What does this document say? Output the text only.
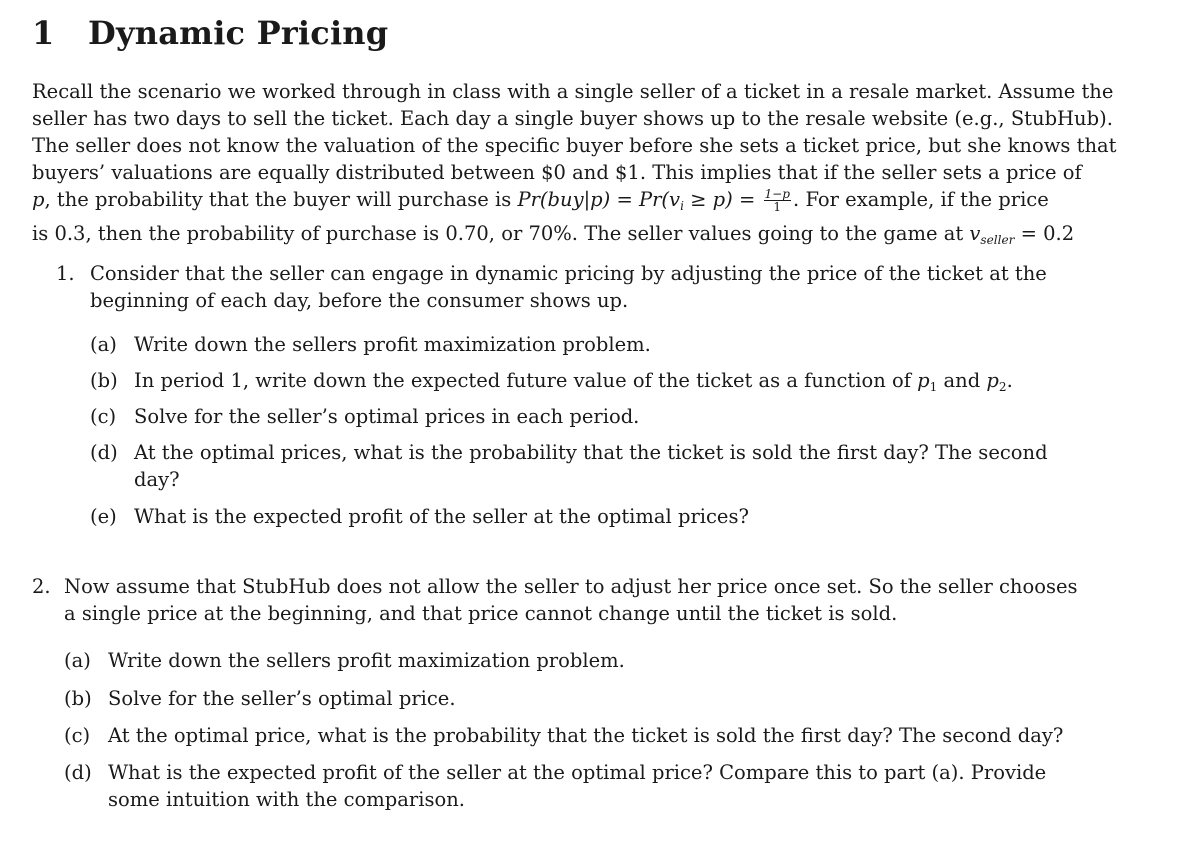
1 Dynamic Pricing
Recall the scenario we worked through in class with a single seller of a ticket in a resale market. Assume the
seller has two days to sell the ticket. Each day a single buyer shows up to the resale website (e.g., StubHub).
The seller does not know the valuation of the specific buyer before she sets a ticket price, but she knows that
buyers’ valuations are equally distributed between $0 and $1. This implies that if the seller sets a price of
p, the probability that the buyer will purchase is $Pr(buy|p) = Pr(v_i \ge p) = \frac{1-p}{1}$ . For example, if the price
is 0.3, then the probability of purchase is 0.70, or 70%. The seller values going to the game at $v_{seller} = 0.2$
1. Consider that the seller can engage in dynamic pricing by adjusting the price of the ticket at the
beginning of each day, before the consumer shows up.
(a) Write down the sellers profit maximization problem.
(b) In period 1, write down the expected future value of the ticket as a function of $p_1$ and $p_2$.
(c) Solve for the seller’s optimal prices in each period.
(d) At the optimal prices, what is the probability that the ticket is sold the first day? The second
day?
(e) What is the expected profit of the seller at the optimal prices?
2. Now assume that StubHub does not allow the seller to adjust her price once set. So the seller chooses
a single price at the beginning, and that price cannot change until the ticket is sold.
(a) Write down the sellers profit maximization problem.
(b) Solve for the seller’s optimal price.
(c) At the optimal price, what is the probability that the ticket is sold the first day? The second day?
(d) What is the expected profit of the seller at the optimal price? Compare this to part (a). Provide
some intuition with the comparison.
